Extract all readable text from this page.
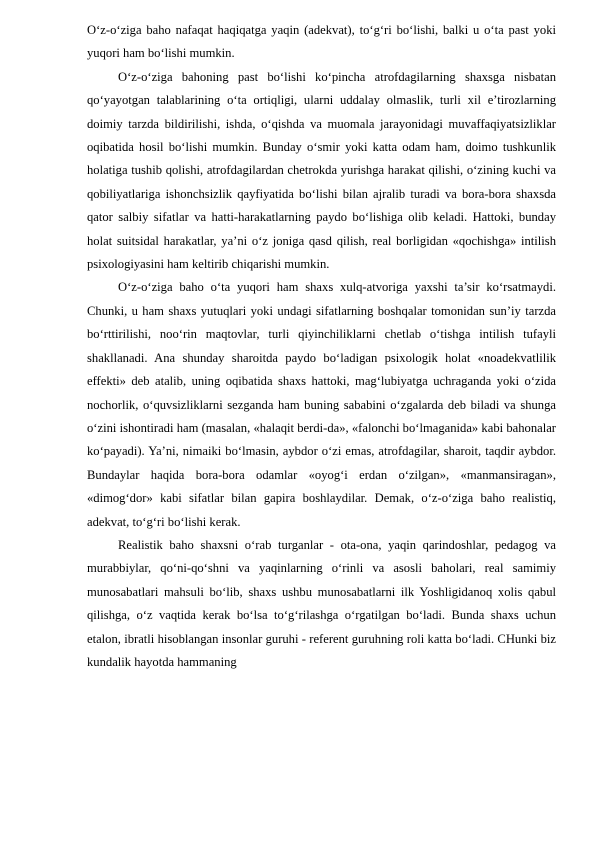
O‘z-o‘ziga baho nafaqat haqiqatga yaqin (adekvat), to‘g‘ri bo‘lishi, balki u o‘ta past yoki yuqori ham bo‘lishi mumkin.

O‘z-o‘ziga bahoning past bo‘lishi ko‘pincha atrofdagilarning shaxsga nisbatan qo‘yayotgan talablarining o‘ta ortiqligi, ularni uddalay olmaslik, turli xil e’tirozlarning doimiy tarzda bildirilishi, ishda, o‘qishda va muomala jarayonidagi muvaffaqiyatsizliklar oqibatida hosil bo‘lishi mumkin. Bunday o‘smir yoki katta odam ham, doimo tushkunlik holatiga tushib qolishi, atrofdagilardan chetrokda yurishga harakat qilishi, o‘zining kuchi va qobiliyatlariga ishonchsizlik qayfiyatida bo‘lishi bilan ajralib turadi va bora-bora shaxsda qator salbiy sifatlar va hatti-harakatlarning paydo bo‘lishiga olib keladi. Hattoki, bunday holat suitsidal harakatlar, ya’ni o‘z joniga qasd qilish, real borligidan «qochishga» intilish psixologiyasini ham keltirib chiqarishi mumkin.

O‘z-o‘ziga baho o‘ta yuqori ham shaxs xulq-atvoriga yaxshi ta’sir ko‘rsatmaydi. Chunki, u ham shaxs yutuqlari yoki undagi sifatlarning boshqalar tomonidan sun’iy tarzda bo‘rttirilishi, noo‘rin maqtovlar, turli qiyinchiliklarni chetlab o‘tishga intilish tufayli shakllanadi. Ana shunday sharoitda paydo bo‘ladigan psixologik holat «noadekvatlilik effekti» deb atalib, uning oqibatida shaxs hattoki, mag‘lubiyatga uchraganda yoki o‘zida nochorlik, o‘quvsizliklarni sezganda ham buning sababini o‘zgalarda deb biladi va shunga o‘zini ishontiradi ham (masalan, «halaqit berdi-da», «falonchi bo‘lmaganida» kabi bahonalar ko‘payadi). Ya’ni, nimaiki bo‘lmasin, aybdor o‘zi emas, atrofdagilar, sharoit, taqdir aybdor. Bundaylar haqida bora-bora odamlar «oyog‘i erdan o‘zilgan», «manmansiragan», «dimog‘dor» kabi sifatlar bilan gapira boshlaydilar. Demak, o‘z-o‘ziga baho realistiq, adekvat, to‘g‘ri bo‘lishi kerak.

Realistik baho shaxsni o‘rab turganlar - ota-ona, yaqin qarindoshlar, pedagog va murabbiylar, qo‘ni-qo‘shni va yaqinlarning o‘rinli va asosli baholari, real samimiy munosabatlari mahsuli bo‘lib, shaxs ushbu munosabatlarni ilk Yoshligidanoq xolis qabul qilishga, o‘z vaqtida kerak bo‘lsa to‘g‘rilashga o‘rgatilgan bo‘ladi. Bunda shaxs uchun etalon, ibratli hisoblangan insonlar guruhi - referent guruhning roli katta bo‘ladi. CHunki biz kundalik hayotda hammaning
